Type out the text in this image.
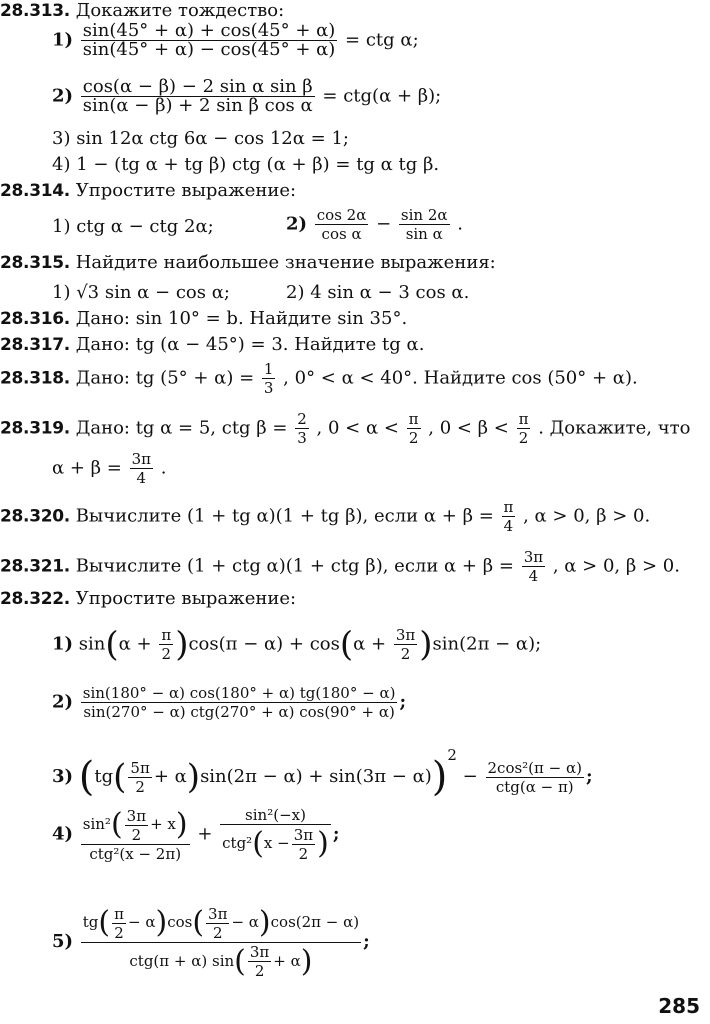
28.313. Докажите тождество:
$1) \frac{\sin(45^\circ + \alpha) + \cos(45^\circ + \alpha)}{\sin(45^\circ + \alpha) - \cos(45^\circ + \alpha)}$ = ctg α;
$2) \frac{\text{cos(α − β) − 2 sin α sin β}}{\text{sin(α − β) + 2 sin β cos α}} = ctg(\alpha + \beta)$;
3) sin 12α ctg 6α − cos 12α = 1;
4) 1 − (tg α + tg β) ctg (α + β) = tg α tg β.
28.314. Упростите выражение:
1) ctg α − ctg 2α;	$2) \frac{\cos 2\alpha}{\text{cos α}} - \frac{\sin 2\alpha}{\text{sin α}}$ .
28.315. Найдите наибольшее значение выражения:
1) √3 sin α − cos α;	2) 4 sin α − 3 cos α.
28.316. Дано: sin 10° = b. Найдите sin 35°.
28.317. Дано: tg (α − 45°) = 3. Найдите tg α.
28.318. Дано: tg $(5^\circ + \alpha) = \frac{1}{3}$ , 0° < α < 40°. Найдите cos (50° + α).
28.319. Дано: tg α = 5, ctg $\beta = \frac{2}{3}$ , $0 < \alpha < \frac{\pi}{2}$ , $0 < \beta < \frac{\pi}{2}$ . Докажите, что
$\alpha + \beta = \frac{3\pi}{4}$ .
28.320. Вычислите (1 + tg α)(1 + tg β), если $\alpha + \beta = \frac{\pi}{4}$ , α > 0, β > 0.
28.321. Вычислите (1 + ctg α)(1 + ctg β), если $\alpha + \beta = \frac{3\pi}{4}$ , α > 0, β > 0.
28.322. Упростите выражение:
1) $\sin(\alpha + \frac{\pi}{2} )\cos(\pi - \alpha) + \cos(\alpha + \frac{3\pi}{2} )\sin(2\pi - \alpha)$;
$2) \frac{\sin(180^\circ - \alpha) \cos(180^\circ + \alpha) tg(180^\circ - \alpha)}{\text{sin(270° − α) ctg(270° + α) cos(90° + α)}}$ ;
3) $(tg( \frac{5\pi}{2} + \alpha)\sin(2\pi - \alpha) + \sin(3\pi - \alpha))^2 - \frac{\text{2cos²(π − α)}}{\text{ctg(α − π)}}$ ;
$4) \frac{\sin^2( \frac{3\pi}{2} + x)}{\text{ctg²(x − 2π)}} + \frac{\text{sin²(−x)}}{ctg^2(x - \frac{3\pi}{2} )}$ ;
$5) \frac{tg( \frac{\pi}{2} - \alpha)\cos( \frac{3\pi}{2} - \alpha)\cos(2\pi - \alpha)}{ctg(\pi + \alpha) \sin( \frac{3\pi}{2} + \alpha)}$ ;
285
